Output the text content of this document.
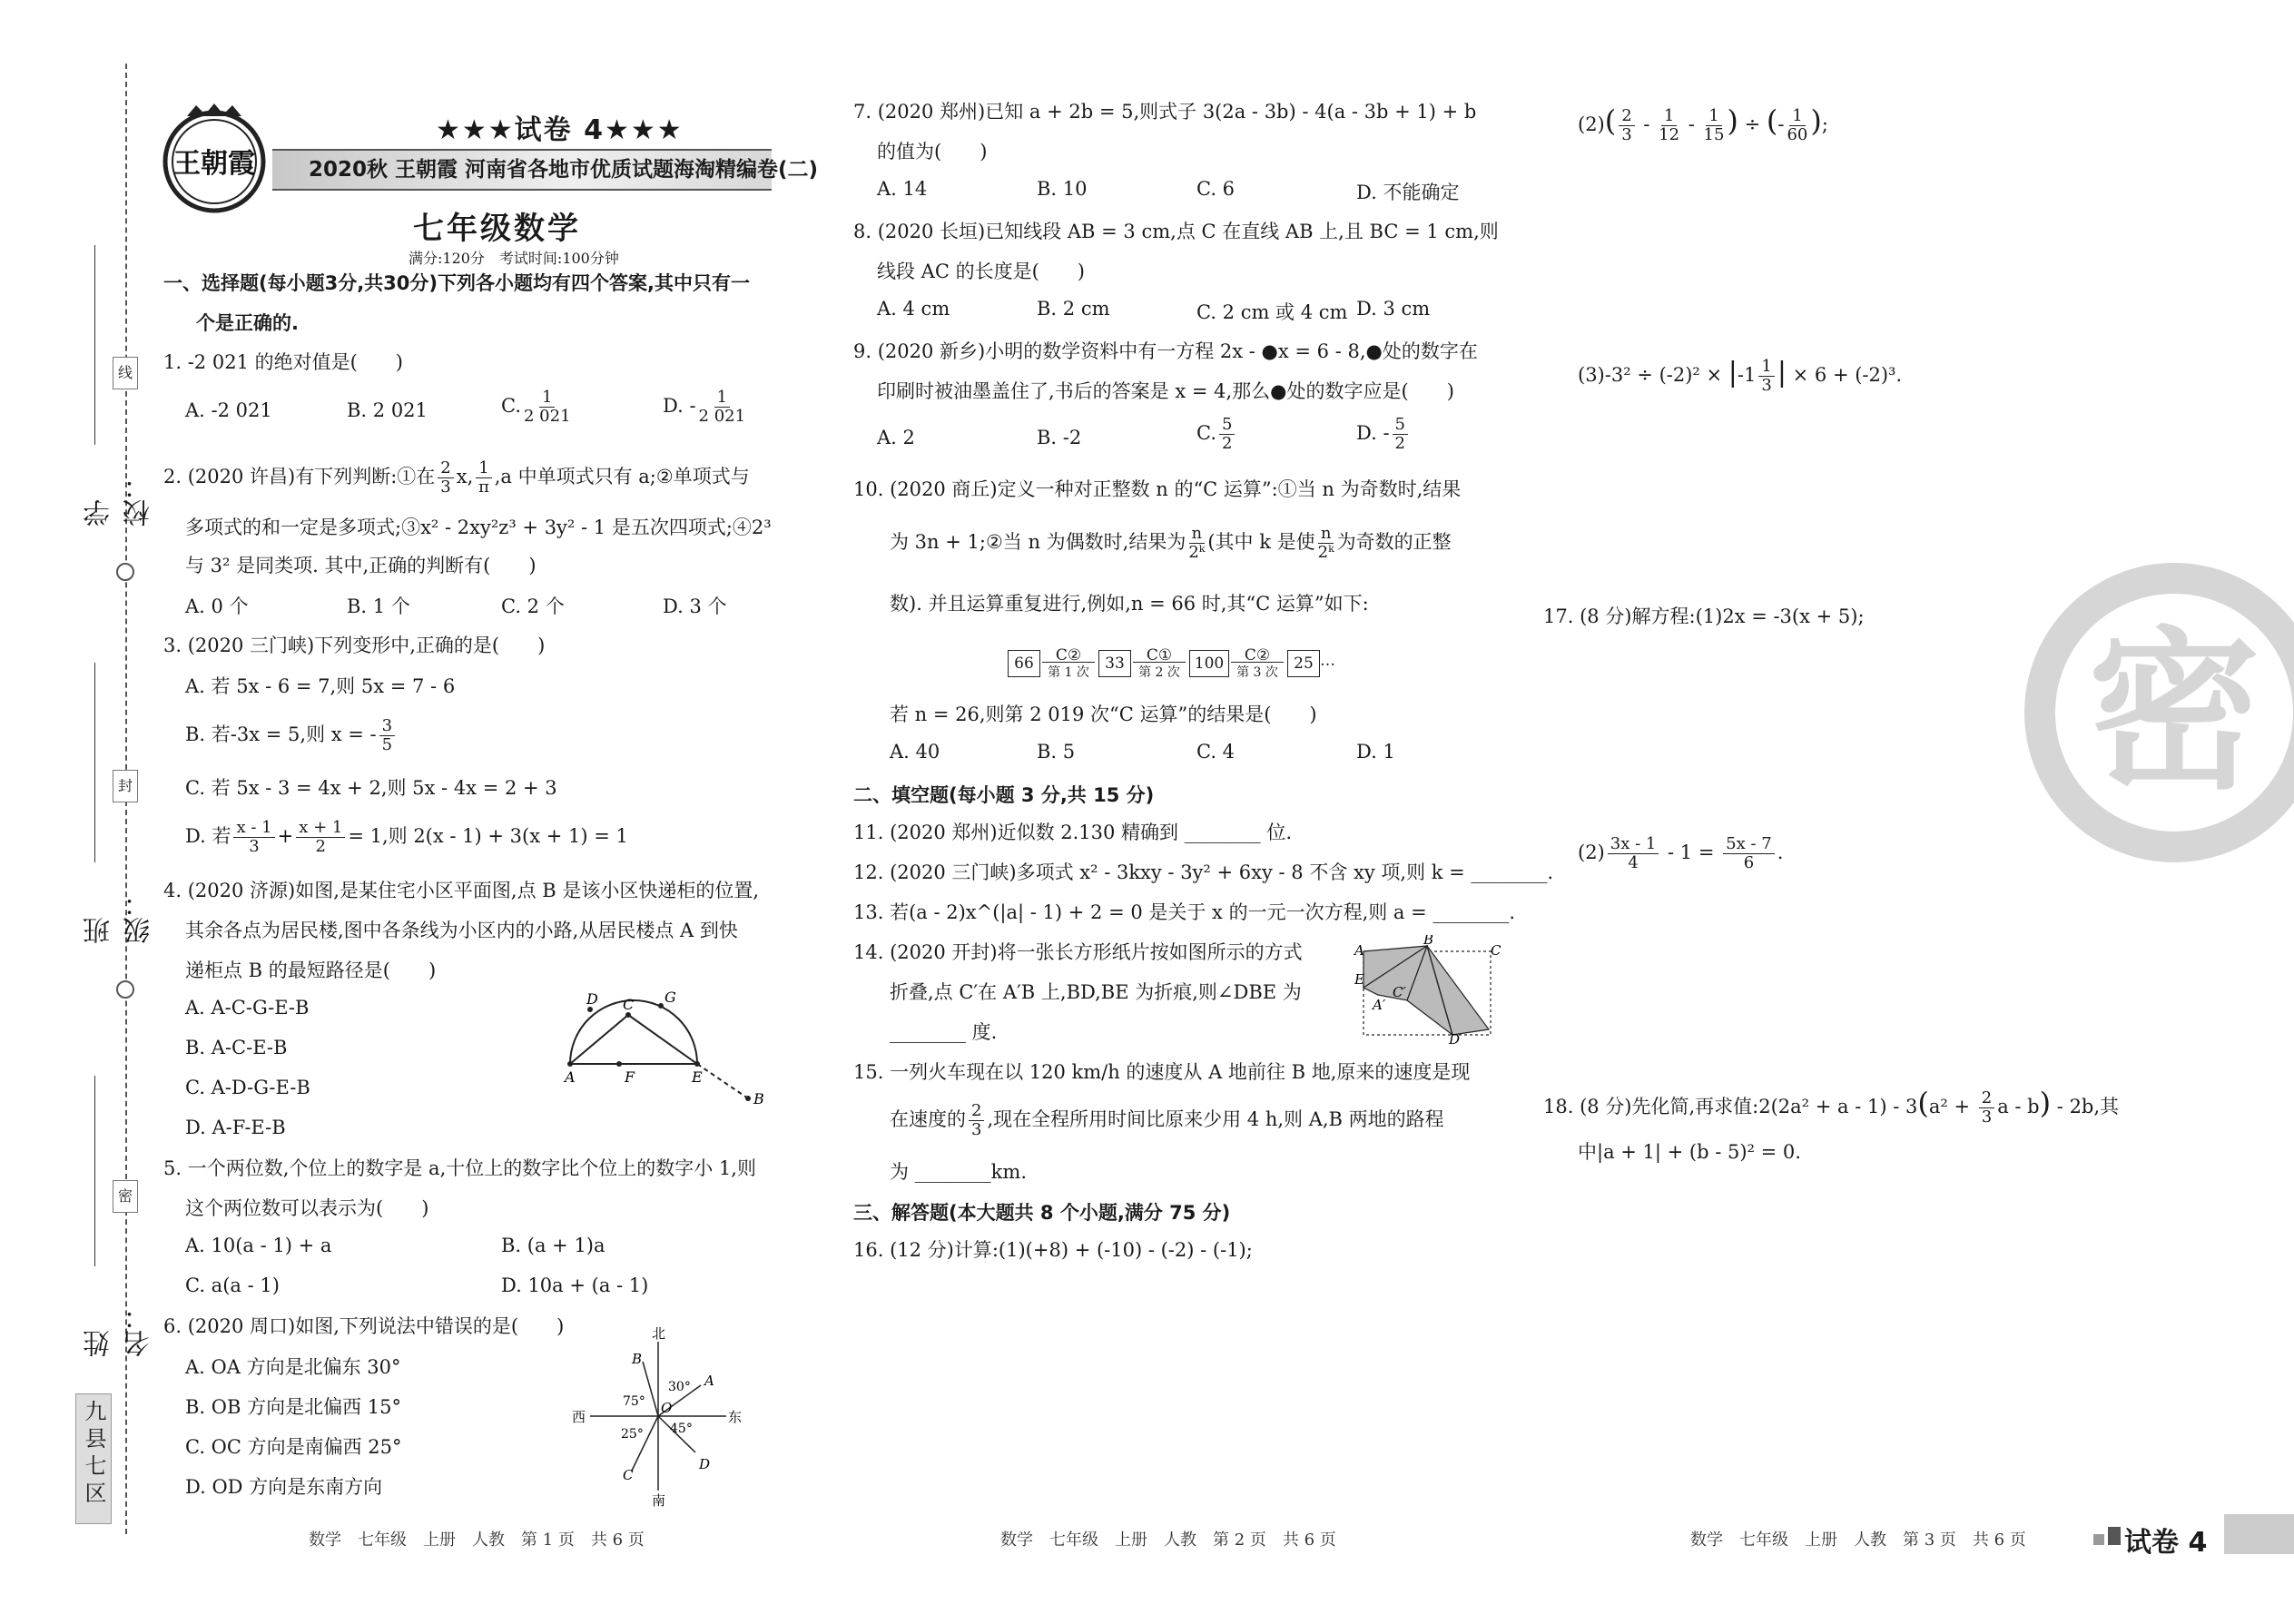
学校：
线
班级：
封
姓名：
密
九县七区
王朝霞
★★★试卷 4★★★
2020秋 王朝霞 河南省各地市优质试题海淘精编卷(二)
七年级数学
满分:120分　考试时间:100分钟
一、选择题(每小题3分,共30分)下列各小题均有四个答案,其中只有一
个是正确的.
1. -2 021 的绝对值是(　　)
A. -2 021	B. 2 021	C. $\frac{1}{2 021}$	D. - $\frac{1}{2 021}$
2. (2020 许昌)有下列判断:①在 $\frac{2}{3} x$, $\frac{1}{\pi} ,a$ 中单项式只有 a;②单项式与
多项式的和一定是多项式;③x² - 2xy²z³ + 3y² - 1 是五次四项式;④2³
与 3² 是同类项. 其中,正确的判断有(　　)
A. 0 个	B. 1 个	C. 2 个	D. 3 个
3. (2020 三门峡)下列变形中,正确的是(　　)
A. 若 5x - 6 = 7,则 5x = 7 - 6
B. 若-3x = 5,则 x = - $\frac{3}{5}$
C. 若 5x - 3 = 4x + 2,则 5x - 4x = 2 + 3
D. 若 $\frac{x - 1}{3} + \frac{x + 1}{2} = 1$,则 2(x - 1) + 3(x + 1) = 1
4. (2020 济源)如图,是某住宅小区平面图,点 B 是该小区快递柜的位置,
其余各点为居民楼,图中各条线为小区内的小路,从居民楼点 A 到快
递柜点 B 的最短路径是(　　)
A. A-C-G-E-B
B. A-C-E-B
C. A-D-G-E-B
D. A-F-E-B
D C G
A	F	E
B
5. 一个两位数,个位上的数字是 a,十位上的数字比个位上的数字小 1,则
这个两位数可以表示为(　　)
A. 10(a - 1) + a	B. (a + 1)a
C. a(a - 1)	D. 10a + (a - 1)
6. (2020 周口)如图,下列说法中错误的是(　　)
A. OA 方向是北偏东 30°
B. OB 方向是北偏西 15°
C. OC 方向是南偏西 25°
D. OD 方向是东南方向
北
南
西	东
30°
75°
25° 45°
A
B
C
D
O
7. (2020 郑州)已知 a + 2b = 5,则式子 3(2a - 3b) - 4(a - 3b + 1) + b
的值为(　　)
A. 14	B. 10	C. 6	D. 不能确定
8. (2020 长垣)已知线段 AB = 3 cm,点 C 在直线 AB 上,且 BC = 1 cm,则
线段 AC 的长度是(　　)
A. 4 cm	B. 2 cm	C. 2 cm 或 4 cm D. 3 cm
9. (2020 新乡)小明的数学资料中有一方程 2x - ●x = 6 - 8,●处的数字在
印刷时被油墨盖住了,书后的答案是 x = 4,那么●处的数字应是(　　)
A. 2	B. -2	C. $\frac{5}{2}$	D. - $\frac{5}{2}$
10. (2020 商丘)定义一种对正整数 n 的“C 运算”:①当 n 为奇数时,结果
为 3n + 1;②当 n 为偶数时,结果为 $\frac{n}{\text{2ᵏ}}$ (其中 k 是使 $\frac{n}{\text{2ᵏ}}$ 为奇数的正整
数). 并且运算重复进行,例如,n = 66 时,其“C 运算”如下:
66	C②
第 1 次	33	C①
第 2 次 100	C②
第 3 次	25 …
若 n = 26,则第 2 019 次“C 运算”的结果是(　　)
A. 40	B. 5	C. 4	D. 1
二、填空题(每小题 3 分,共 15 分)
11. (2020 郑州)近似数 2.130 精确到 ________ 位.
12. (2020 三门峡)多项式 x² - 3kxy - 3y² + 6xy - 8 不含 xy 项,则 k = ________.
13. 若(a - 2)x^(|a| - 1) + 2 = 0 是关于 x 的一元一次方程,则 a = ________.
14. (2020 开封)将一张长方形纸片按如图所示的方式
折叠,点 C′在 A′B 上,BD,BE 为折痕,则∠DBE 为
________ 度.
A
B
C
E
A′
C′
D
15. 一列火车现在以 120 km/h 的速度从 A 地前往 B 地,原来的速度是现
在速度的 $\frac{2}{3}$ ,现在全程所用时间比原来少用 4 h,则 A,B 两地的路程
为 ________km.
三、解答题(本大题共 8 个小题,满分 75 分)
16. (12 分)计算:(1)(+8) + (-10) - (-2) - (-1);
$(2)( \frac{2}{3} - \frac{1}{12} - \frac{1}{15}$ ) ÷ (- $\frac{1}{60}$ );
$(3)-3^2 \div (-2)^2 \times |-1 \frac{1}{3}$ | × 6 + (-2)³.
17. (8 分)解方程:(1)2x = -3(x + 5);
$(2) \frac{3x - 1}{4} - 1 = \frac{5x - 7}{6}$ .
18. (8 分)先化简,再求值:2(2a² + $a - 1) - 3(a^2 + \frac{2}{3}$ a - b) - 2b,其
中|a + 1| + (b - 5)² = 0.
密
数学　七年级　上册　人教　第 1 页　共 6 页	数学　七年级　上册　人教　第 2 页　共 6 页	数学　七年级　上册　人教　第 3 页　共 6 页	试卷 4
